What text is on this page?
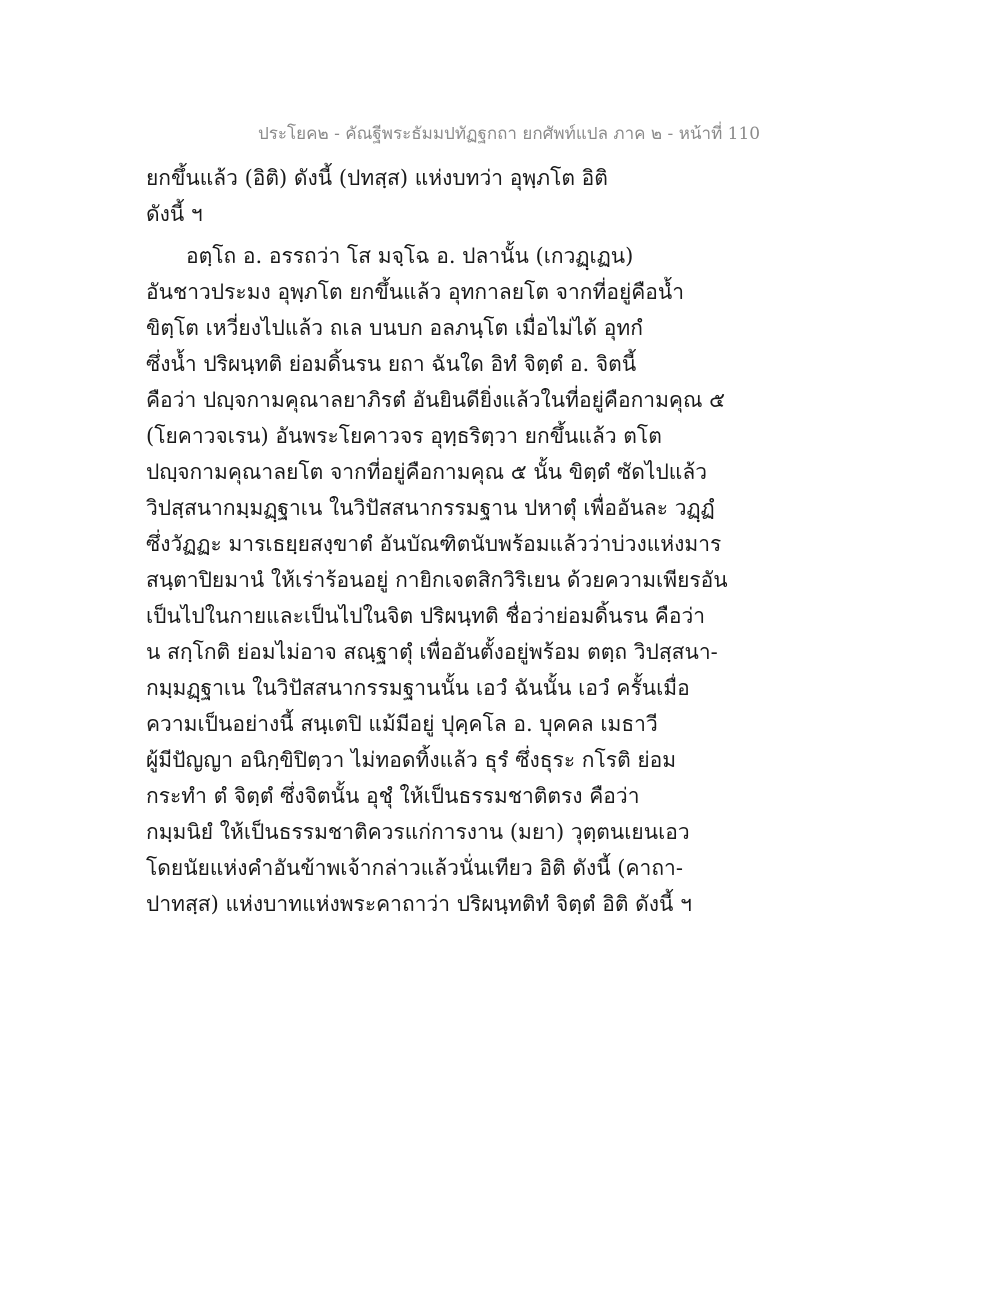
ประโยค๒ - คัณฐีพระธัมมปทัฏฐกถา ยกศัพท์แปล ภาค ๒ - หน้าที่ 110
ยกขึ้นแล้ว (อิติ) ดังนี้ (ปทสฺส) แห่งบทว่า อุพฺภโต อิติ
ดังนี้ ฯ
อตฺโถ อ. อรรถว่า โส มจฺโฉ อ. ปลานั้น (เกวฏฺเฏน)
อันชาวประมง อุพฺภโต ยกขึ้นแล้ว อุทกาลยโต จากที่อยู่คือน้ำ
ขิตฺโต เหวี่ยงไปแล้ว ถเล บนบก อลภนฺโต เมื่อไม่ได้ อุทกํ
ซึ่งน้ำ ปริผนฺทติ ย่อมดิ้นรน ยถา ฉันใด อิทํ จิตฺตํ อ. จิตนี้
คือว่า ปญฺจกามคุณาลยาภิรตํ อันยินดียิ่งแล้วในที่อยู่คือกามคุณ ๕
(โยคาวจเรน) อันพระโยคาวจร อุทฺธริตฺวา ยกขึ้นแล้ว ตโต
ปญฺจกามคุณาลยโต จากที่อยู่คือกามคุณ ๕ นั้น ขิตฺตํ ซัดไปแล้ว
วิปสฺสนากมฺมฏฺฐาเน ในวิปัสสนากรรมฐาน ปหาตุํ เพื่ออันละ วฏฺฏํ
ซึ่งวัฏฏะ มารเธยฺยสงฺขาตํ อันบัณฑิตนับพร้อมแล้วว่าบ่วงแห่งมาร
สนฺตาปิยมานํ ให้เร่าร้อนอยู่ กายิกเจตสิกวิริเยน ด้วยความเพียรอัน
เป็นไปในกายและเป็นไปในจิต ปริผนฺทติ ชื่อว่าย่อมดิ้นรน คือว่า
น สกฺโกติ ย่อมไม่อาจ สณฺฐาตุํ เพื่ออันตั้งอยู่พร้อม ตตฺถ วิปสฺสนา-
กมฺมฏฺฐาเน ในวิปัสสนากรรมฐานนั้น เอวํ ฉันนั้น เอวํ ครั้นเมื่อ
ความเป็นอย่างนี้ สนฺเตปิ แม้มีอยู่ ปุคฺคโล อ. บุคคล เมธาวี
ผู้มีปัญญา อนิกฺขิปิตฺวา ไม่ทอดทิ้งแล้ว ธุรํ ซึ่งธุระ กโรติ ย่อม
กระทำ ตํ จิตฺตํ ซึ่งจิตนั้น อุชุํ ให้เป็นธรรมชาติตรง คือว่า
กมฺมนิยํ ให้เป็นธรรมชาติควรแก่การงาน (มยา) วุตฺตนเยนเอว
โดยนัยแห่งคำอันข้าพเจ้ากล่าวแล้วนั่นเทียว อิติ ดังนี้ (คาถา-
ปาทสฺส) แห่งบาทแห่งพระคาถาว่า ปริผนฺทติทํ จิตฺตํ อิติ ดังนี้ ฯ
